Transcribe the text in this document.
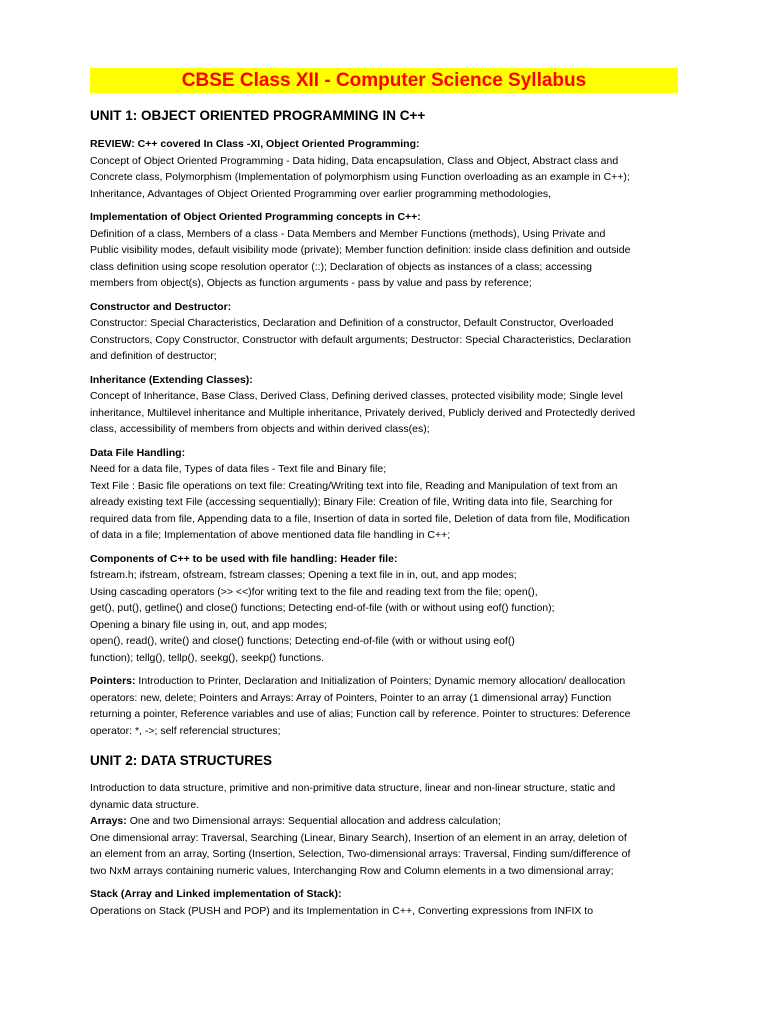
CBSE Class XII - Computer Science Syllabus
UNIT 1: OBJECT ORIENTED PROGRAMMING IN C++
REVIEW: C++ covered In Class -XI, Object Oriented Programming:
Concept of Object Oriented Programming - Data hiding, Data encapsulation, Class and Object, Abstract class and
Concrete class, Polymorphism (Implementation of polymorphism using Function overloading as an example in C++);
Inheritance, Advantages of Object Oriented Programming over earlier programming methodologies,
Implementation of Object Oriented Programming concepts in C++:
Definition of a class, Members of a class - Data Members and Member Functions (methods), Using Private and
Public visibility modes, default visibility mode (private); Member function definition: inside class definition and outside
class definition using scope resolution operator (::); Declaration of objects as instances of a class; accessing
members from object(s), Objects as function arguments - pass by value and pass by reference;
Constructor and Destructor:
Constructor: Special Characteristics, Declaration and Definition of a constructor, Default Constructor, Overloaded
Constructors, Copy Constructor, Constructor with default arguments; Destructor: Special Characteristics, Declaration
and definition of destructor;
Inheritance (Extending Classes):
Concept of Inheritance, Base Class, Derived Class, Defining derived classes, protected visibility mode; Single level
inheritance, Multilevel inheritance and Multiple inheritance, Privately derived, Publicly derived and Protectedly derived
class, accessibility of members from objects and within derived class(es);
Data File Handling:
Need for a data file, Types of data files - Text file and Binary file;
Text File : Basic file operations on text file: Creating/Writing text into file, Reading and Manipulation of text from an
already existing text File (accessing sequentially); Binary File: Creation of file, Writing data into file, Searching for
required data from file, Appending data to a file, Insertion of data in sorted file, Deletion of data from file, Modification
of data in a file; Implementation of above mentioned data file handling in C++;
Components of C++ to be used with file handling: Header file:
fstream.h; ifstream, ofstream, fstream classes; Opening a text file in in, out, and app modes;
Using cascading operators (>> <<)for writing text to the file and reading text from the file; open(),
get(), put(), getline() and close() functions; Detecting end-of-file (with or without using eof() function);
Opening a binary file using in, out, and app modes;
open(), read(), write() and close() functions; Detecting end-of-file (with or without using eof()
function); tellg(), tellp(), seekg(), seekp() functions.
Pointers: Introduction to Printer, Declaration and Initialization of Pointers; Dynamic memory allocation/ deallocation
operators: new, delete; Pointers and Arrays: Array of Pointers, Pointer to an array (1 dimensional array) Function
returning a pointer, Reference variables and use of alias; Function call by reference. Pointer to structures: Deference
operator: *, ->; self referencial structures;
UNIT 2: DATA STRUCTURES
Introduction to data structure, primitive and non-primitive data structure, linear and non-linear structure, static and
dynamic data structure.
Arrays: One and two Dimensional arrays: Sequential allocation and address calculation;
One dimensional array: Traversal, Searching (Linear, Binary Search), Insertion of an element in an array, deletion of
an element from an array, Sorting (Insertion, Selection, Two-dimensional arrays: Traversal, Finding sum/difference of
two NxM arrays containing numeric values, Interchanging Row and Column elements in a two dimensional array;
Stack (Array and Linked implementation of Stack):
Operations on Stack (PUSH and POP) and its Implementation in C++, Converting expressions from INFIX to
